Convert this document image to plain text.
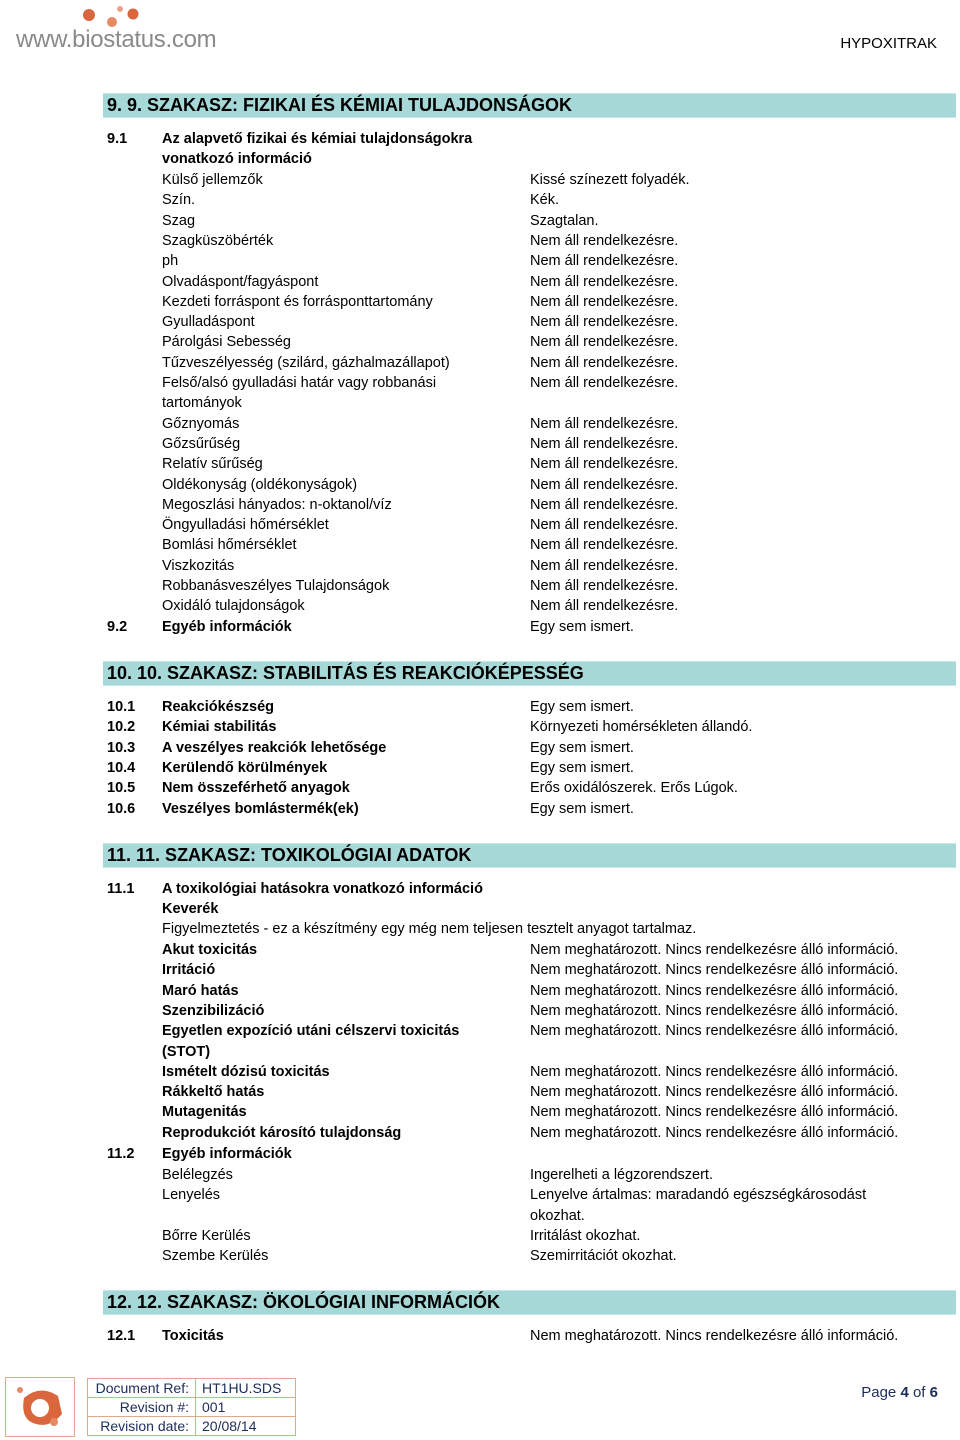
www.biostatus.com	HYPOXITRAK
9. 9. SZAKASZ: FIZIKAI ÉS KÉMIAI TULAJDONSÁGOK
9.1 Az alapvető fizikai és kémiai tulajdonságokra
vonatkozó információ
Külső jellemzők	Kissé színezett folyadék.
Szín.	Kék.
Szag	Szagtalan.
Szagküszöbérték	Nem áll rendelkezésre.
ph	Nem áll rendelkezésre.
Olvadáspont/fagyáspont	Nem áll rendelkezésre.
Kezdeti forráspont és forrásponttartomány	Nem áll rendelkezésre.
Gyulladáspont	Nem áll rendelkezésre.
Párolgási Sebesség	Nem áll rendelkezésre.
Tűzveszélyesség (szilárd, gázhalmazállapot)	Nem áll rendelkezésre.
Felső/alsó gyulladási határ vagy robbanási	Nem áll rendelkezésre.
tartományok
Gőznyomás	Nem áll rendelkezésre.
Gőzsűrűség	Nem áll rendelkezésre.
Relatív sűrűség	Nem áll rendelkezésre.
Oldékonyság (oldékonyságok)	Nem áll rendelkezésre.
Megoszlási hányados: n-oktanol/víz	Nem áll rendelkezésre.
Öngyulladási hőmérséklet	Nem áll rendelkezésre.
Bomlási hőmérséklet	Nem áll rendelkezésre.
Viszkozitás	Nem áll rendelkezésre.
Robbanásveszélyes Tulajdonságok	Nem áll rendelkezésre.
Oxidáló tulajdonságok	Nem áll rendelkezésre.
9.2 Egyéb információk	Egy sem ismert.
10. 10. SZAKASZ: STABILITÁS ÉS REAKCIÓKÉPESSÉG
10.1 Reakciókészség	Egy sem ismert.
10.2 Kémiai stabilitás	Környezeti homérsékleten állandó.
10.3 A veszélyes reakciók lehetősége	Egy sem ismert.
10.4 Kerülendő körülmények	Egy sem ismert.
10.5 Nem összeférhető anyagok	Erős oxidálószerek. Erős Lúgok.
10.6 Veszélyes bomlástermék(ek)	Egy sem ismert.
11. 11. SZAKASZ: TOXIKOLÓGIAI ADATOK
11.1 A toxikológiai hatásokra vonatkozó információ
Keverék
Figyelmeztetés - ez a készítmény egy még nem teljesen tesztelt anyagot tartalmaz.
Akut toxicitás	Nem meghatározott. Nincs rendelkezésre álló információ.
Irritáció	Nem meghatározott. Nincs rendelkezésre álló információ.
Maró hatás	Nem meghatározott. Nincs rendelkezésre álló információ.
Szenzibilizáció	Nem meghatározott. Nincs rendelkezésre álló információ.
Egyetlen expozíció utáni célszervi toxicitás	Nem meghatározott. Nincs rendelkezésre álló információ.
(STOT)
Ismételt dózisú toxicitás	Nem meghatározott. Nincs rendelkezésre álló információ.
Rákkeltő hatás	Nem meghatározott. Nincs rendelkezésre álló információ.
Mutagenitás	Nem meghatározott. Nincs rendelkezésre álló információ.
Reprodukciót károsító tulajdonság	Nem meghatározott. Nincs rendelkezésre álló információ.
11.2 Egyéb információk
Belélegzés	Ingerelheti a légzorendszert.
Lenyelés	Lenyelve ártalmas: maradandó egészségkárosodást
okozhat.
Bőrre Kerülés	Irritálást okozhat.
Szembe Kerülés	Szemirritációt okozhat.
12. 12. SZAKASZ: ÖKOLÓGIAI INFORMÁCIÓK
12.1 Toxicitás	Nem meghatározott. Nincs rendelkezésre álló információ.
Document Ref:	HT1HU.SDS
Revision #:	001
Revision date:	20/08/14
Page 4 of 6
